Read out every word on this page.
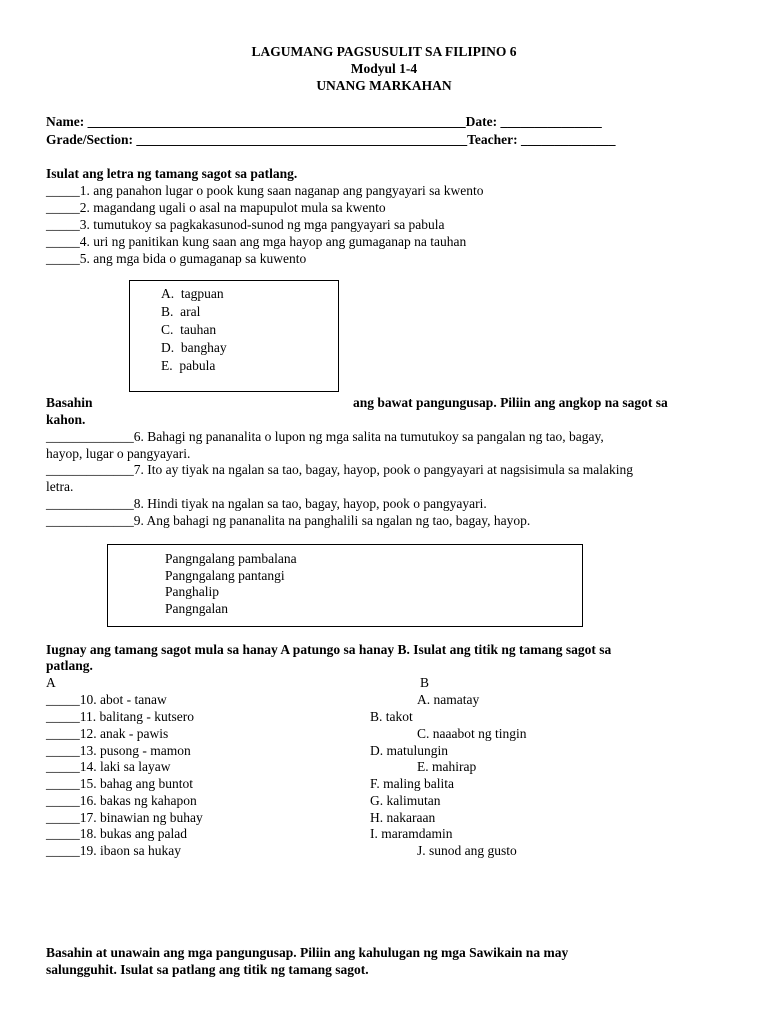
LAGUMANG PAGSUSULIT SA FILIPINO 6
Modyul 1-4
UNANG MARKAHAN
Name: ________________________________________________________Date: _______________
Grade/Section: _________________________________________________Teacher: ______________
Isulat ang letra ng tamang sagot sa patlang.
_____1. ang panahon lugar o pook kung saan naganap ang pangyayari sa kwento
_____2. magandang ugali o asal na mapupulot mula sa kwento
_____3. tumutukoy sa pagkakasunod-sunod ng mga pangyayari sa pabula
_____4. uri ng panitikan kung saan ang mga hayop ang gumaganap na tauhan
_____5. ang mga bida o gumaganap sa kuwento
A. tagpuan
B. aral
C. tauhan
D. banghay
E. pabula
Basahin	ang bawat pangungusap. Piliin ang angkop na sagot sa
kahon.
_____________6. Bahagi ng pananalita o lupon ng mga salita na tumutukoy sa pangalan ng tao, bagay,
hayop, lugar o pangyayari.
_____________7. Ito ay tiyak na ngalan sa tao, bagay, hayop, pook o pangyayari at nagsisimula sa malaking
letra.
_____________8. Hindi tiyak na ngalan sa tao, bagay, hayop, pook o pangyayari.
_____________9. Ang bahagi ng pananalita na panghalili sa ngalan ng tao, bagay, hayop.
Pangngalang pambalana
Pangngalang pantangi
Panghalip
Pangngalan
Iugnay ang tamang sagot mula sa hanay A patungo sa hanay B. Isulat ang titik ng tamang sagot sa
patlang.
A	B
_____10. abot - tanaw
_____11. balitang - kutsero
_____12. anak - pawis
_____13. pusong - mamon
_____14. laki sa layaw
_____15. bahag ang buntot
_____16. bakas ng kahapon
_____17. binawian ng buhay
_____18. bukas ang palad
_____19. ibaon sa hukay
A. namatay
B. takot
C. naaabot ng tingin
D. matulungin
E. mahirap
F. maling balita
G. kalimutan
H. nakaraan
I. maramdamin
J. sunod ang gusto
Basahin at unawain ang mga pangungusap. Piliin ang kahulugan ng mga Sawikain na may
salungguhit. Isulat sa patlang ang titik ng tamang sagot.
